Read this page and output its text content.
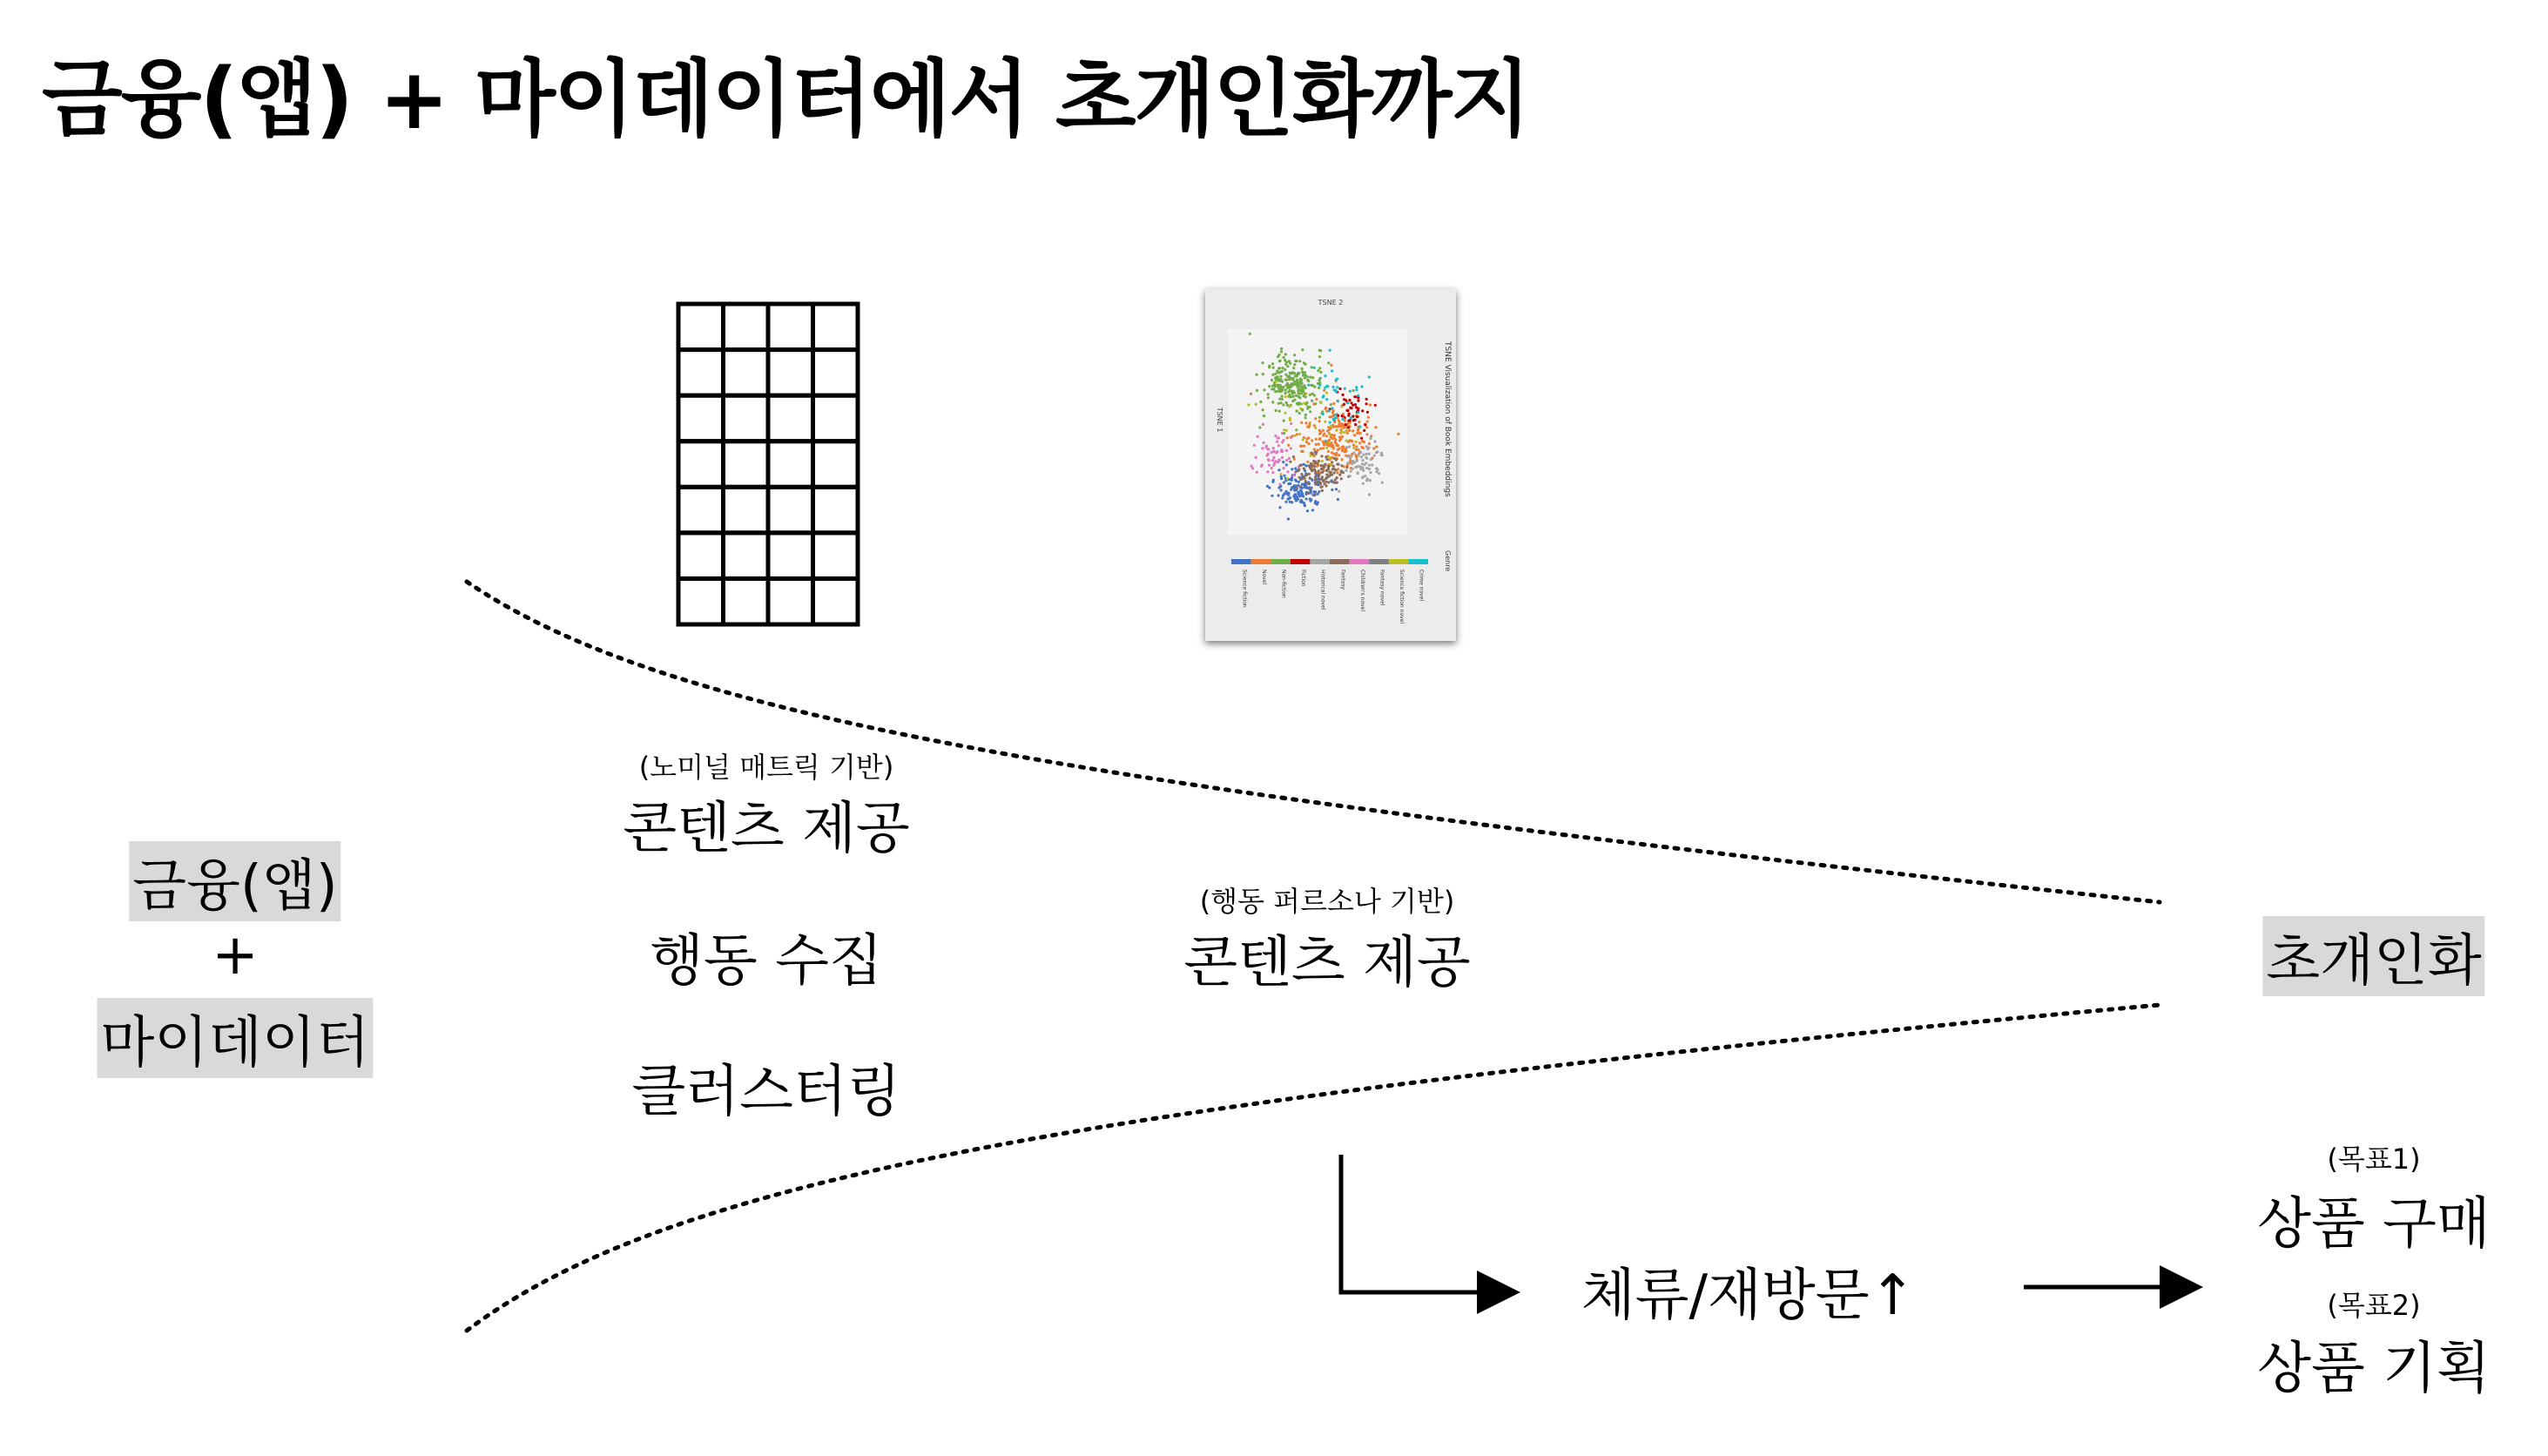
금융(앱) + 마이데이터에서 초개인화까지
금융(앱)
+
마이데이터
(노미널 매트릭 기반)
콘텐츠 제공
행동 수집
클러스터링
(행동 퍼르소나 기반)
콘텐츠 제공	초개인화
체류/재방문↑
(목표1)
상품 구매
(목표2)
상품 기획
Science fiction	Novel	Non-fiction	Fiction	Historical novel	Fantasy	Children's novel	Fantasy novel	Science fiction novel	Crime novel
TSNE 2
TSNE 1	TSNE Visualization of Book Embeddings
Genre
